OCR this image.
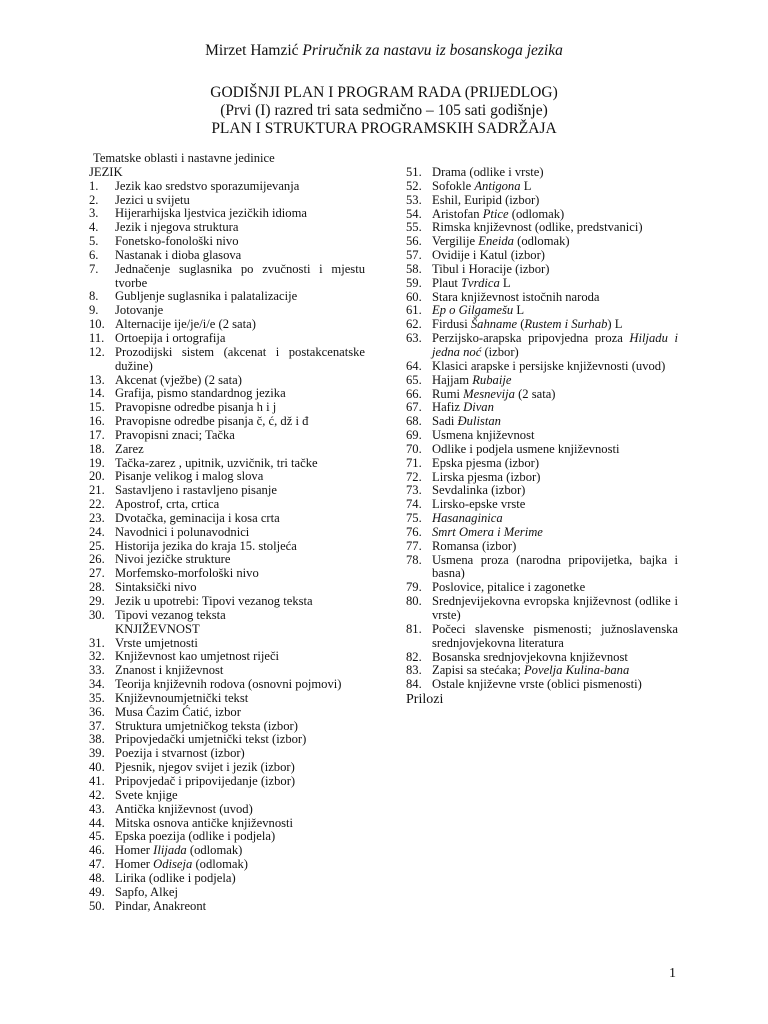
Mirzet Hamzić Priručnik za nastavu iz bosanskoga jezika
GODIŠNJI PLAN I PROGRAM RADA (PRIJEDLOG)
(Prvi (I) razred tri sata sedmično – 105 sati godišnje)
PLAN I STRUKTURA PROGRAMSKIH SADRŽAJA
Tematske oblasti i nastavne jedinice
JEZIK
1.	Jezik kao sredstvo sporazumijevanja
2.	Jezici u svijetu
3.	Hijerarhijska ljestvica jezičkih idioma
4.	Jezik i njegova struktura
5.	Fonetsko-fonološki nivo
6.	Nastanak i dioba glasova
7.	Jednačenje suglasnika po zvučnosti i mjestu tvorbe
8.	Gubljenje suglasnika i palatalizacije
9.	Jotovanje
10. Alternacije ije/je/i/e (2 sata)
11. Ortoepija i ortografija
12. Prozodijski sistem (akcenat i postakcenatske dužine)
13. Akcenat (vježbe) (2 sata)
14. Grafija, pismo standardnog jezika
15. Pravopisne odredbe pisanja h i j
16. Pravopisne odredbe pisanja č, ć, dž i đ
17. Pravopisni znaci; Tačka
18. Zarez
19. Tačka-zarez , upitnik, uzvičnik, tri tačke
20. Pisanje velikog i malog slova
21. Sastavljeno i rastavljeno pisanje
22. Apostrof, crta, crtica
23. Dvotačka, geminacija i kosa crta
24. Navodnici i polunavodnici
25. Historija jezika do kraja 15. stoljeća
26. Nivoi jezičke strukture
27. Morfemsko-morfološki nivo
28. Sintaksički nivo
29. Jezik u upotrebi: Tipovi vezanog teksta
30. Tipovi vezanog teksta
KNJIŽEVNOST
31. Vrste umjetnosti
32. Književnost kao umjetnost riječi
33. Znanost i književnost
34. Teorija književnih rodova (osnovni pojmovi)
35. Književnoumjetnički tekst
36. Musa Ćazim Ćatić, izbor
37. Struktura umjetničkog teksta (izbor)
38. Pripovjedački umjetnički tekst (izbor)
39. Poezija i stvarnost (izbor)
40. Pjesnik, njegov svijet i jezik (izbor)
41. Pripovjedač i pripovijedanje (izbor)
42. Svete knjige
43. Antička književnost (uvod)
44. Mitska osnova antičke književnosti
45. Epska poezija (odlike i podjela)
46. Homer Ilijada (odlomak)
47. Homer Odiseja (odlomak)
48. Lirika (odlike i podjela)
49. Sapfo, Alkej
50. Pindar, Anakreont
51. Drama (odlike i vrste)
52. Sofokle Antigona L
53. Eshil, Euripid (izbor)
54. Aristofan Ptice (odlomak)
55. Rimska književnost (odlike, predstvanici)
56. Vergilije Eneida (odlomak)
57. Ovidije i Katul (izbor)
58. Tibul i Horacije (izbor)
59. Plaut Tvrdica L
60. Stara književnost istočnih naroda
61. Ep o Gilgamešu L
62. Firdusi Šahname (Rustem i Surhab) L
63. Perzijsko-arapska pripovjedna proza Hiljadu i jedna noć (izbor)
64. Klasici arapske i persijske književnosti (uvod)
65. Hajjam Rubaije
66. Rumi Mesnevija (2 sata)
67. Hafiz Divan
68. Sadi Đulistan
69. Usmena književnost
70. Odlike i podjela usmene književnosti
71. Epska pjesma (izbor)
72. Lirska pjesma (izbor)
73. Sevdalinka (izbor)
74. Lirsko-epske vrste
75. Hasanaginica
76. Smrt Omera i Merime
77. Romansa (izbor)
78. Usmena proza (narodna pripovijetka, bajka i basna)
79. Poslovice, pitalice i zagonetke
80. Srednjevijekovna evropska književnost (odlike i vrste)
81. Počeci slavenske pismenosti; južnoslavenska srednjovjekovna literatura
82. Bosanska srednjovjekovna književnost
83. Zapisi sa stećaka; Povelja Kulina-bana
84. Ostale književne vrste (oblici pismenosti)
Prilozi
1
